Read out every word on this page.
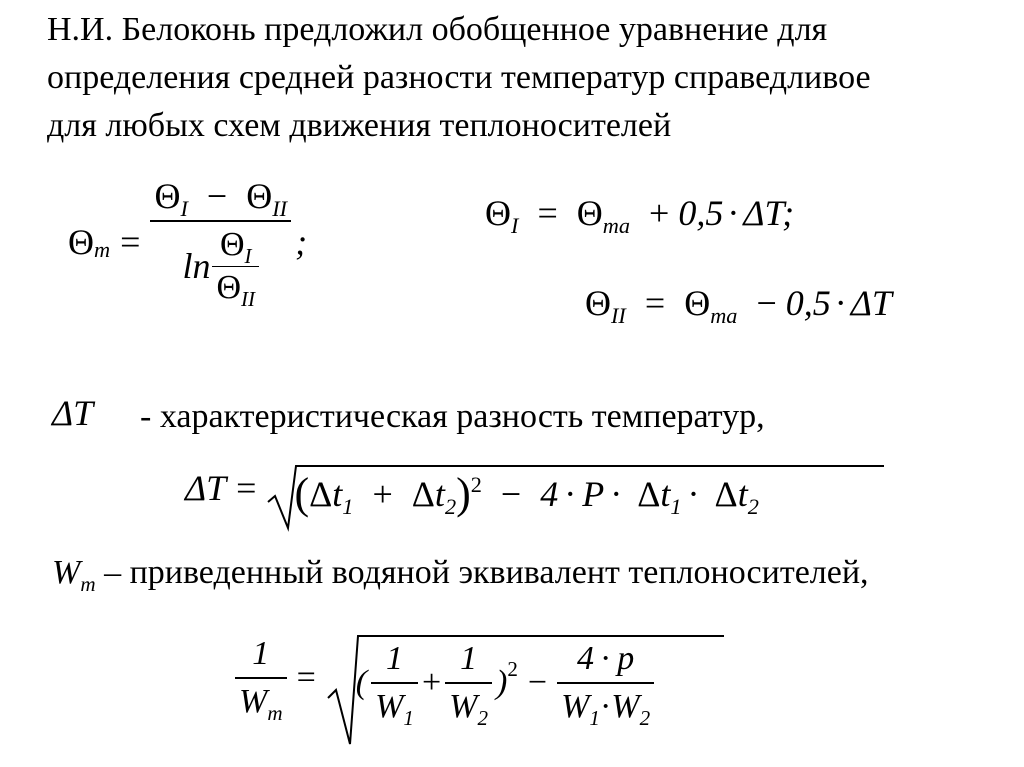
Н.И. Белоконь предложил обобщенное уравнение для
определения средней разности температур справедливое
для любых схем движения теплоносителей
Θ $m = \frac{\Theta_I - \Theta_{II}}{\ln \frac{\Theta_I}{\Theta_{II}}}$ ;
$\Theta_I = \Theta_{ma} + 0,5 \cdot \Delta T$;
$\Theta_{II} = \Theta_{ma} - 0,5 \cdot \Delta T$
ΔT - характеристическая разность температур,
$\Delta T = (\Delta t_1 + \Delta t_2)^2 - 4 \cdot P \cdot \Delta t_1 \cdot \Delta t_2$
$W_m$ – приведенный водяной эквивалент теплоносителей,
$\frac{1}{W_m}$ = ( $\frac{1}{W_1} + \frac{1}{W_2}$ ) $2 - \frac{4 \cdot p}{W_1\cdot W_2}$
